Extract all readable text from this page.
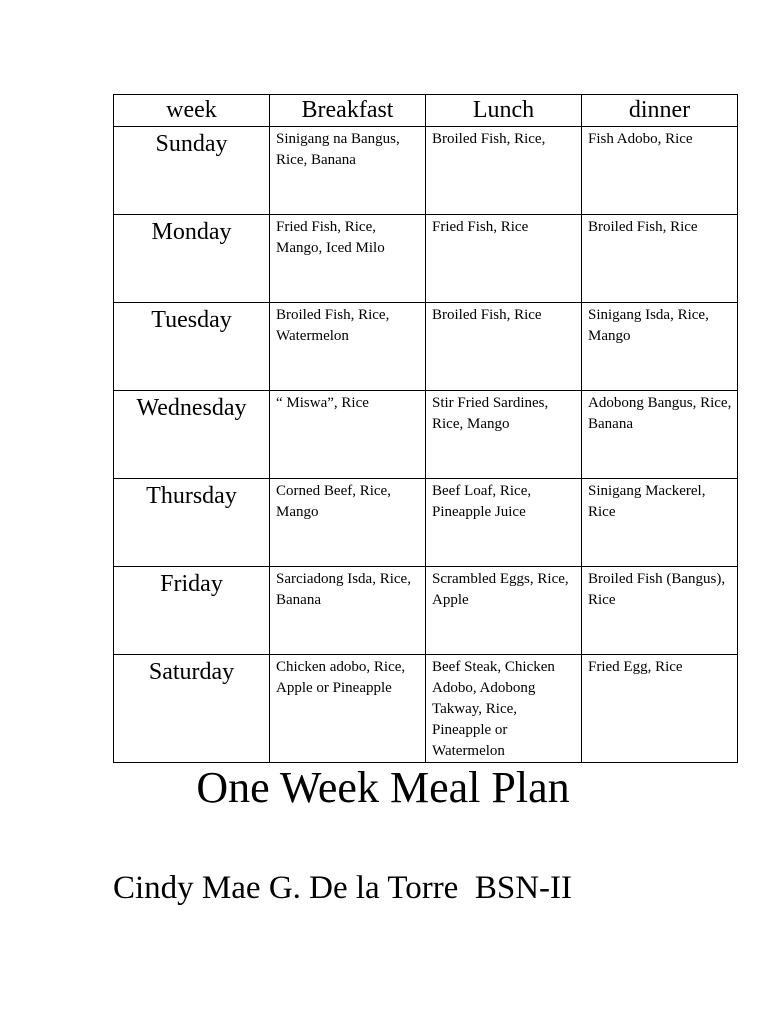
week	Breakfast	Lunch	dinner
Sunday	Sinigang na Bangus, Rice, Banana	Broiled Fish, Rice,	Fish Adobo, Rice
Monday	Fried Fish, Rice, Mango, Iced Milo	Fried Fish, Rice	Broiled Fish, Rice
Tuesday	Broiled Fish, Rice, Watermelon	Broiled Fish, Rice	Sinigang Isda, Rice, Mango
Wednesday	“ Miswa”, Rice	Stir Fried Sardines, Rice, Mango	Adobong Bangus, Rice, Banana
Thursday	Corned Beef, Rice, Mango	Beef Loaf, Rice, Pineapple Juice	Sinigang Mackerel, Rice
Friday	Sarciadong Isda, Rice, Banana	Scrambled Eggs, Rice, Apple	Broiled Fish (Bangus), Rice
Saturday	Chicken adobo, Rice, Apple or Pineapple	Beef Steak, Chicken Adobo, Adobong Takway, Rice, Pineapple or Watermelon	Fried Egg, Rice
One Week Meal Plan
Cindy Mae G. De la Torre  BSN-II
